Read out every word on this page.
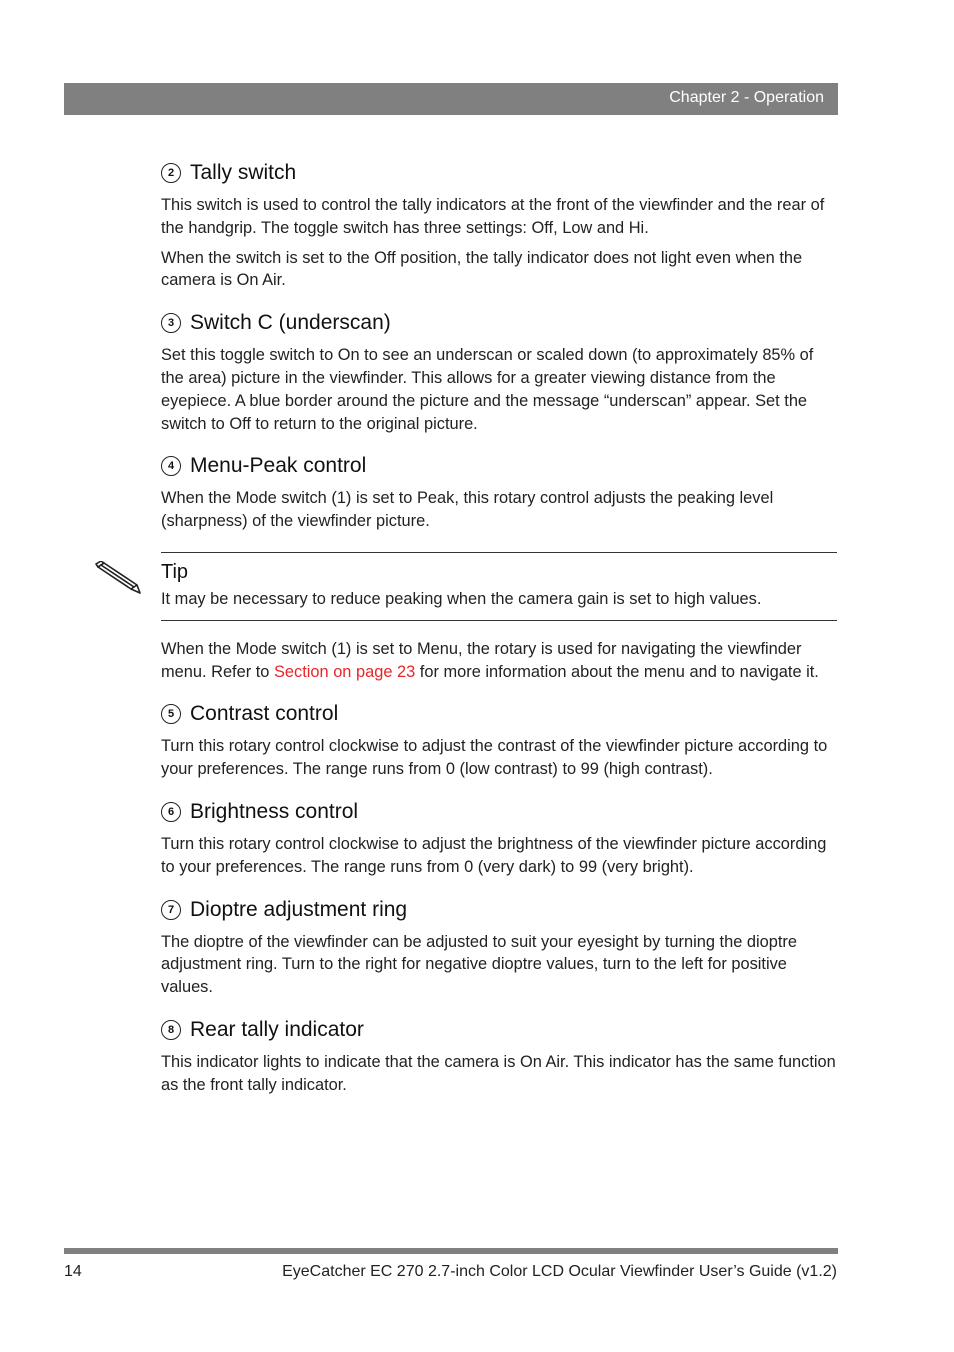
Chapter 2 - Operation
2 Tally switch

This switch is used to control the tally indicators at the front of the viewfinder and the rear of the handgrip. The toggle switch has three settings: Off, Low and Hi.

When the switch is set to the Off position, the tally indicator does not light even when the camera is On Air.

3 Switch C (underscan)

Set this toggle switch to On to see an underscan or scaled down (to approximately 85% of the area) picture in the viewfinder. This allows for a greater viewing distance from the eyepiece. A blue border around the picture and the message “underscan” appear. Set the switch to Off to return to the original picture.

4 Menu-Peak control

When the Mode switch (1) is set to Peak, this rotary control adjusts the peaking level (sharpness) of the viewfinder picture.

Tip

It may be necessary to reduce peaking when the camera gain is set to high values.

When the Mode switch (1) is set to Menu, the rotary is used for navigating the viewfinder menu. Refer to Section on page 23 for more information about the menu and to navigate it.

5 Contrast control

Turn this rotary control clockwise to adjust the contrast of the viewfinder picture according to your preferences. The range runs from 0 (low contrast) to 99 (high contrast).

6 Brightness control

Turn this rotary control clockwise to adjust the brightness of the viewfinder picture according to your preferences. The range runs from 0 (very dark) to 99 (very bright).

7 Dioptre adjustment ring

The dioptre of the viewfinder can be adjusted to suit your eyesight by turning the dioptre adjustment ring. Turn to the right for negative dioptre values, turn to the left for positive values.

8 Rear tally indicator

This indicator lights to indicate that the camera is On Air. This indicator has the same function as the front tally indicator.

14	EyeCatcher EC 270 2.7-inch Color LCD Ocular Viewfinder User’s Guide (v1.2)
